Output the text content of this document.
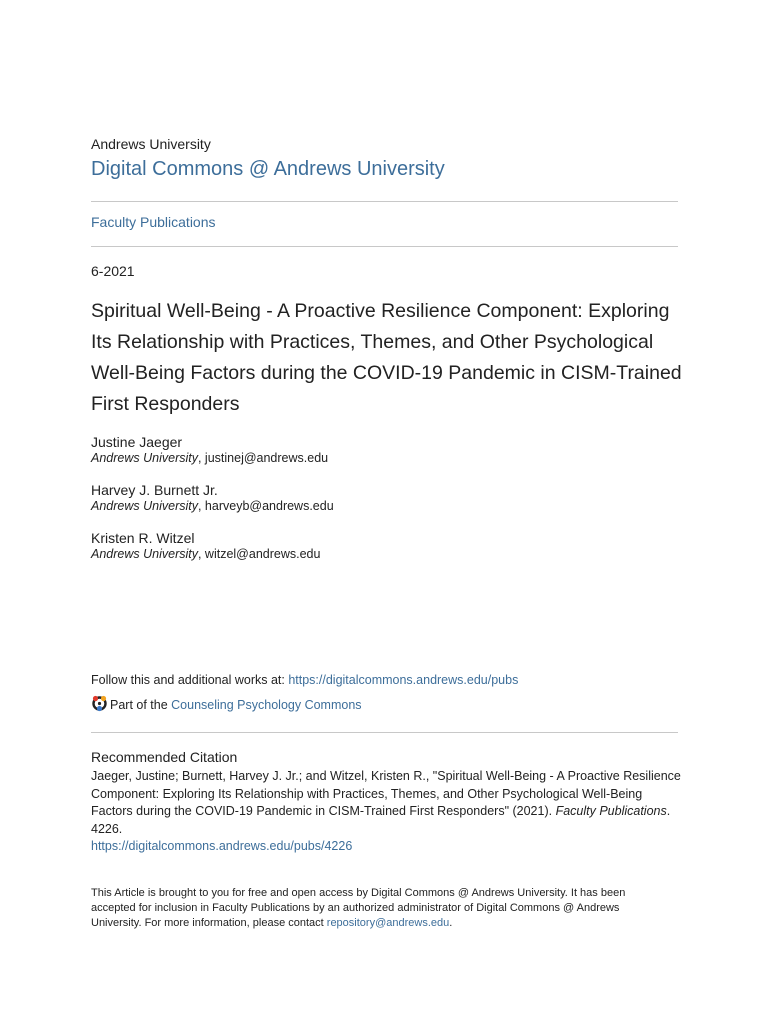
Andrews University
Digital Commons @ Andrews University
Faculty Publications
6-2021
Spiritual Well-Being - A Proactive Resilience Component: Exploring Its Relationship with Practices, Themes, and Other Psychological Well-Being Factors during the COVID-19 Pandemic in CISM-Trained First Responders
Justine Jaeger
Andrews University, justinej@andrews.edu
Harvey J. Burnett Jr.
Andrews University, harveyb@andrews.edu
Kristen R. Witzel
Andrews University, witzel@andrews.edu
Follow this and additional works at: https://digitalcommons.andrews.edu/pubs
Part of the Counseling Psychology Commons
Recommended Citation
Jaeger, Justine; Burnett, Harvey J. Jr.; and Witzel, Kristen R., "Spiritual Well-Being - A Proactive Resilience Component: Exploring Its Relationship with Practices, Themes, and Other Psychological Well-Being Factors during the COVID-19 Pandemic in CISM-Trained First Responders" (2021). Faculty Publications. 4226.
https://digitalcommons.andrews.edu/pubs/4226
This Article is brought to you for free and open access by Digital Commons @ Andrews University. It has been accepted for inclusion in Faculty Publications by an authorized administrator of Digital Commons @ Andrews University. For more information, please contact repository@andrews.edu.
